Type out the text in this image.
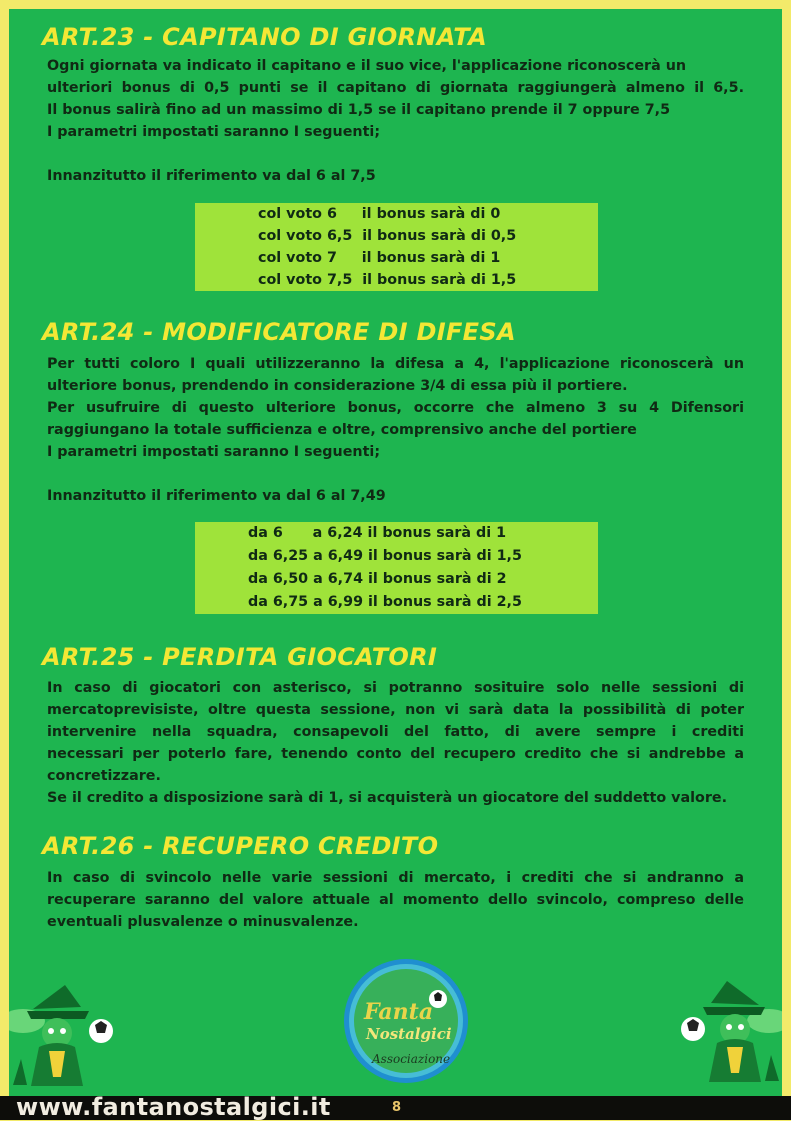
ART.23 - CAPITANO DI GIORNATA

Ogni giornata va indicato il capitano e il suo vice, l'applicazione riconoscerà un

ulteriori bonus di 0,5 punti se il capitano di giornata raggiungerà almeno il 6,5.

Il bonus salirà fino ad un massimo di 1,5 se il capitano prende il 7 oppure 7,5

I parametri impostati saranno I seguenti;

Innanzitutto il riferimento va dal 6 al 7,5

col voto 6     il bonus sarà di 0
col voto 6,5  il bonus sarà di 0,5
col voto 7     il bonus sarà di 1
col voto 7,5  il bonus sarà di 1,5
ART.24 - MODIFICATORE DI DIFESA

Per tutti coloro I quali utilizzeranno la difesa a 4, l'applicazione riconoscerà un

ulteriore bonus, prendendo in considerazione 3/4 di essa più il portiere.

Per usufruire di questo ulteriore bonus, occorre che almeno 3 su 4 Difensori

raggiungano la totale sufficienza e oltre, comprensivo anche del portiere

I parametri impostati saranno I seguenti;

Innanzitutto il riferimento va dal 6 al 7,49

da 6      a 6,24 il bonus sarà di 1
da 6,25 a 6,49 il bonus sarà di 1,5
da 6,50 a 6,74 il bonus sarà di 2
da 6,75 a 6,99 il bonus sarà di 2,5
ART.25 - PERDITA GIOCATORI

In caso di giocatori con asterisco, si potranno sosituire solo nelle sessioni di

mercatoprevisiste, oltre questa sessione, non vi sarà data la possibilità di poter

intervenire nella squadra, consapevoli del fatto, di avere sempre i crediti

necessari per poterlo fare, tenendo conto del recupero credito che si andrebbe a

concretizzare.

Se il credito a disposizione sarà di 1, si acquisterà un giocatore del suddetto valore.

ART.26 - RECUPERO CREDITO

In caso di svincolo nelle varie sessioni di mercato, i crediti che si andranno a

recuperare saranno del valore attuale al momento dello svincolo, compreso delle

eventuali plusvalenze o minusvalenze.

Fanta
Nostalgici
Associazione
www.fantanostalgici.it	8
